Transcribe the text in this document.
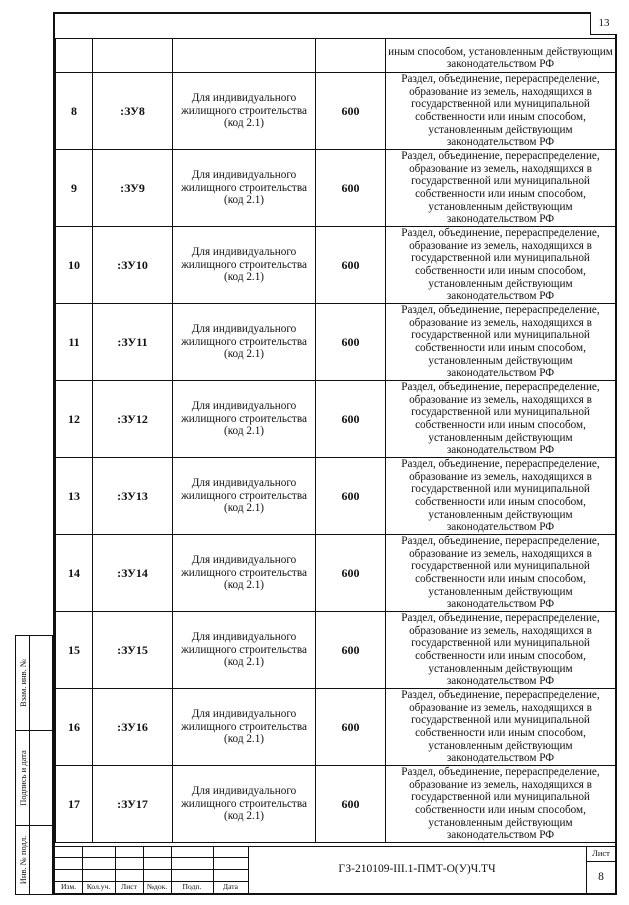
13
				иным способом, установленным действующим законодательством РФ
8	:ЗУ8	Для индивидуального жилищного строительства (код 2.1)	600	Раздел, объединение, перераспределение, образование из земель, находящихся в государственной или муниципальной собственности или иным способом, установленным действующим законодательством РФ
9	:ЗУ9	Для индивидуального жилищного строительства (код 2.1)	600	Раздел, объединение, перераспределение, образование из земель, находящихся в государственной или муниципальной собственности или иным способом, установленным действующим законодательством РФ
10	:ЗУ10	Для индивидуального жилищного строительства (код 2.1)	600	Раздел, объединение, перераспределение, образование из земель, находящихся в государственной или муниципальной собственности или иным способом, установленным действующим законодательством РФ
11	:ЗУ11	Для индивидуального жилищного строительства (код 2.1)	600	Раздел, объединение, перераспределение, образование из земель, находящихся в государственной или муниципальной собственности или иным способом, установленным действующим законодательством РФ
12	:ЗУ12	Для индивидуального жилищного строительства (код 2.1)	600	Раздел, объединение, перераспределение, образование из земель, находящихся в государственной или муниципальной собственности или иным способом, установленным действующим законодательством РФ
13	:ЗУ13	Для индивидуального жилищного строительства (код 2.1)	600	Раздел, объединение, перераспределение, образование из земель, находящихся в государственной или муниципальной собственности или иным способом, установленным действующим законодательством РФ
14	:ЗУ14	Для индивидуального жилищного строительства (код 2.1)	600	Раздел, объединение, перераспределение, образование из земель, находящихся в государственной или муниципальной собственности или иным способом, установленным действующим законодательством РФ
15	:ЗУ15	Для индивидуального жилищного строительства (код 2.1)	600	Раздел, объединение, перераспределение, образование из земель, находящихся в государственной или муниципальной собственности или иным способом, установленным действующим законодательством РФ
16	:ЗУ16	Для индивидуального жилищного строительства (код 2.1)	600	Раздел, объединение, перераспределение, образование из земель, находящихся в государственной или муниципальной собственности или иным способом, установленным действующим законодательством РФ
17	:ЗУ17	Для индивидуального жилищного строительства (код 2.1)	600	Раздел, объединение, перераспределение, образование из земель, находящихся в государственной или муниципальной собственности или иным способом, установленным действующим законодательством РФ
Взам. инв. №
Подпись и дата
Инв. № подл.
Изм.	Кол.уч.	Лист	№док.	Подп.	Дата
ГЗ-210109-III.1-ПМТ-О(У)Ч.ТЧ
Лист
8
